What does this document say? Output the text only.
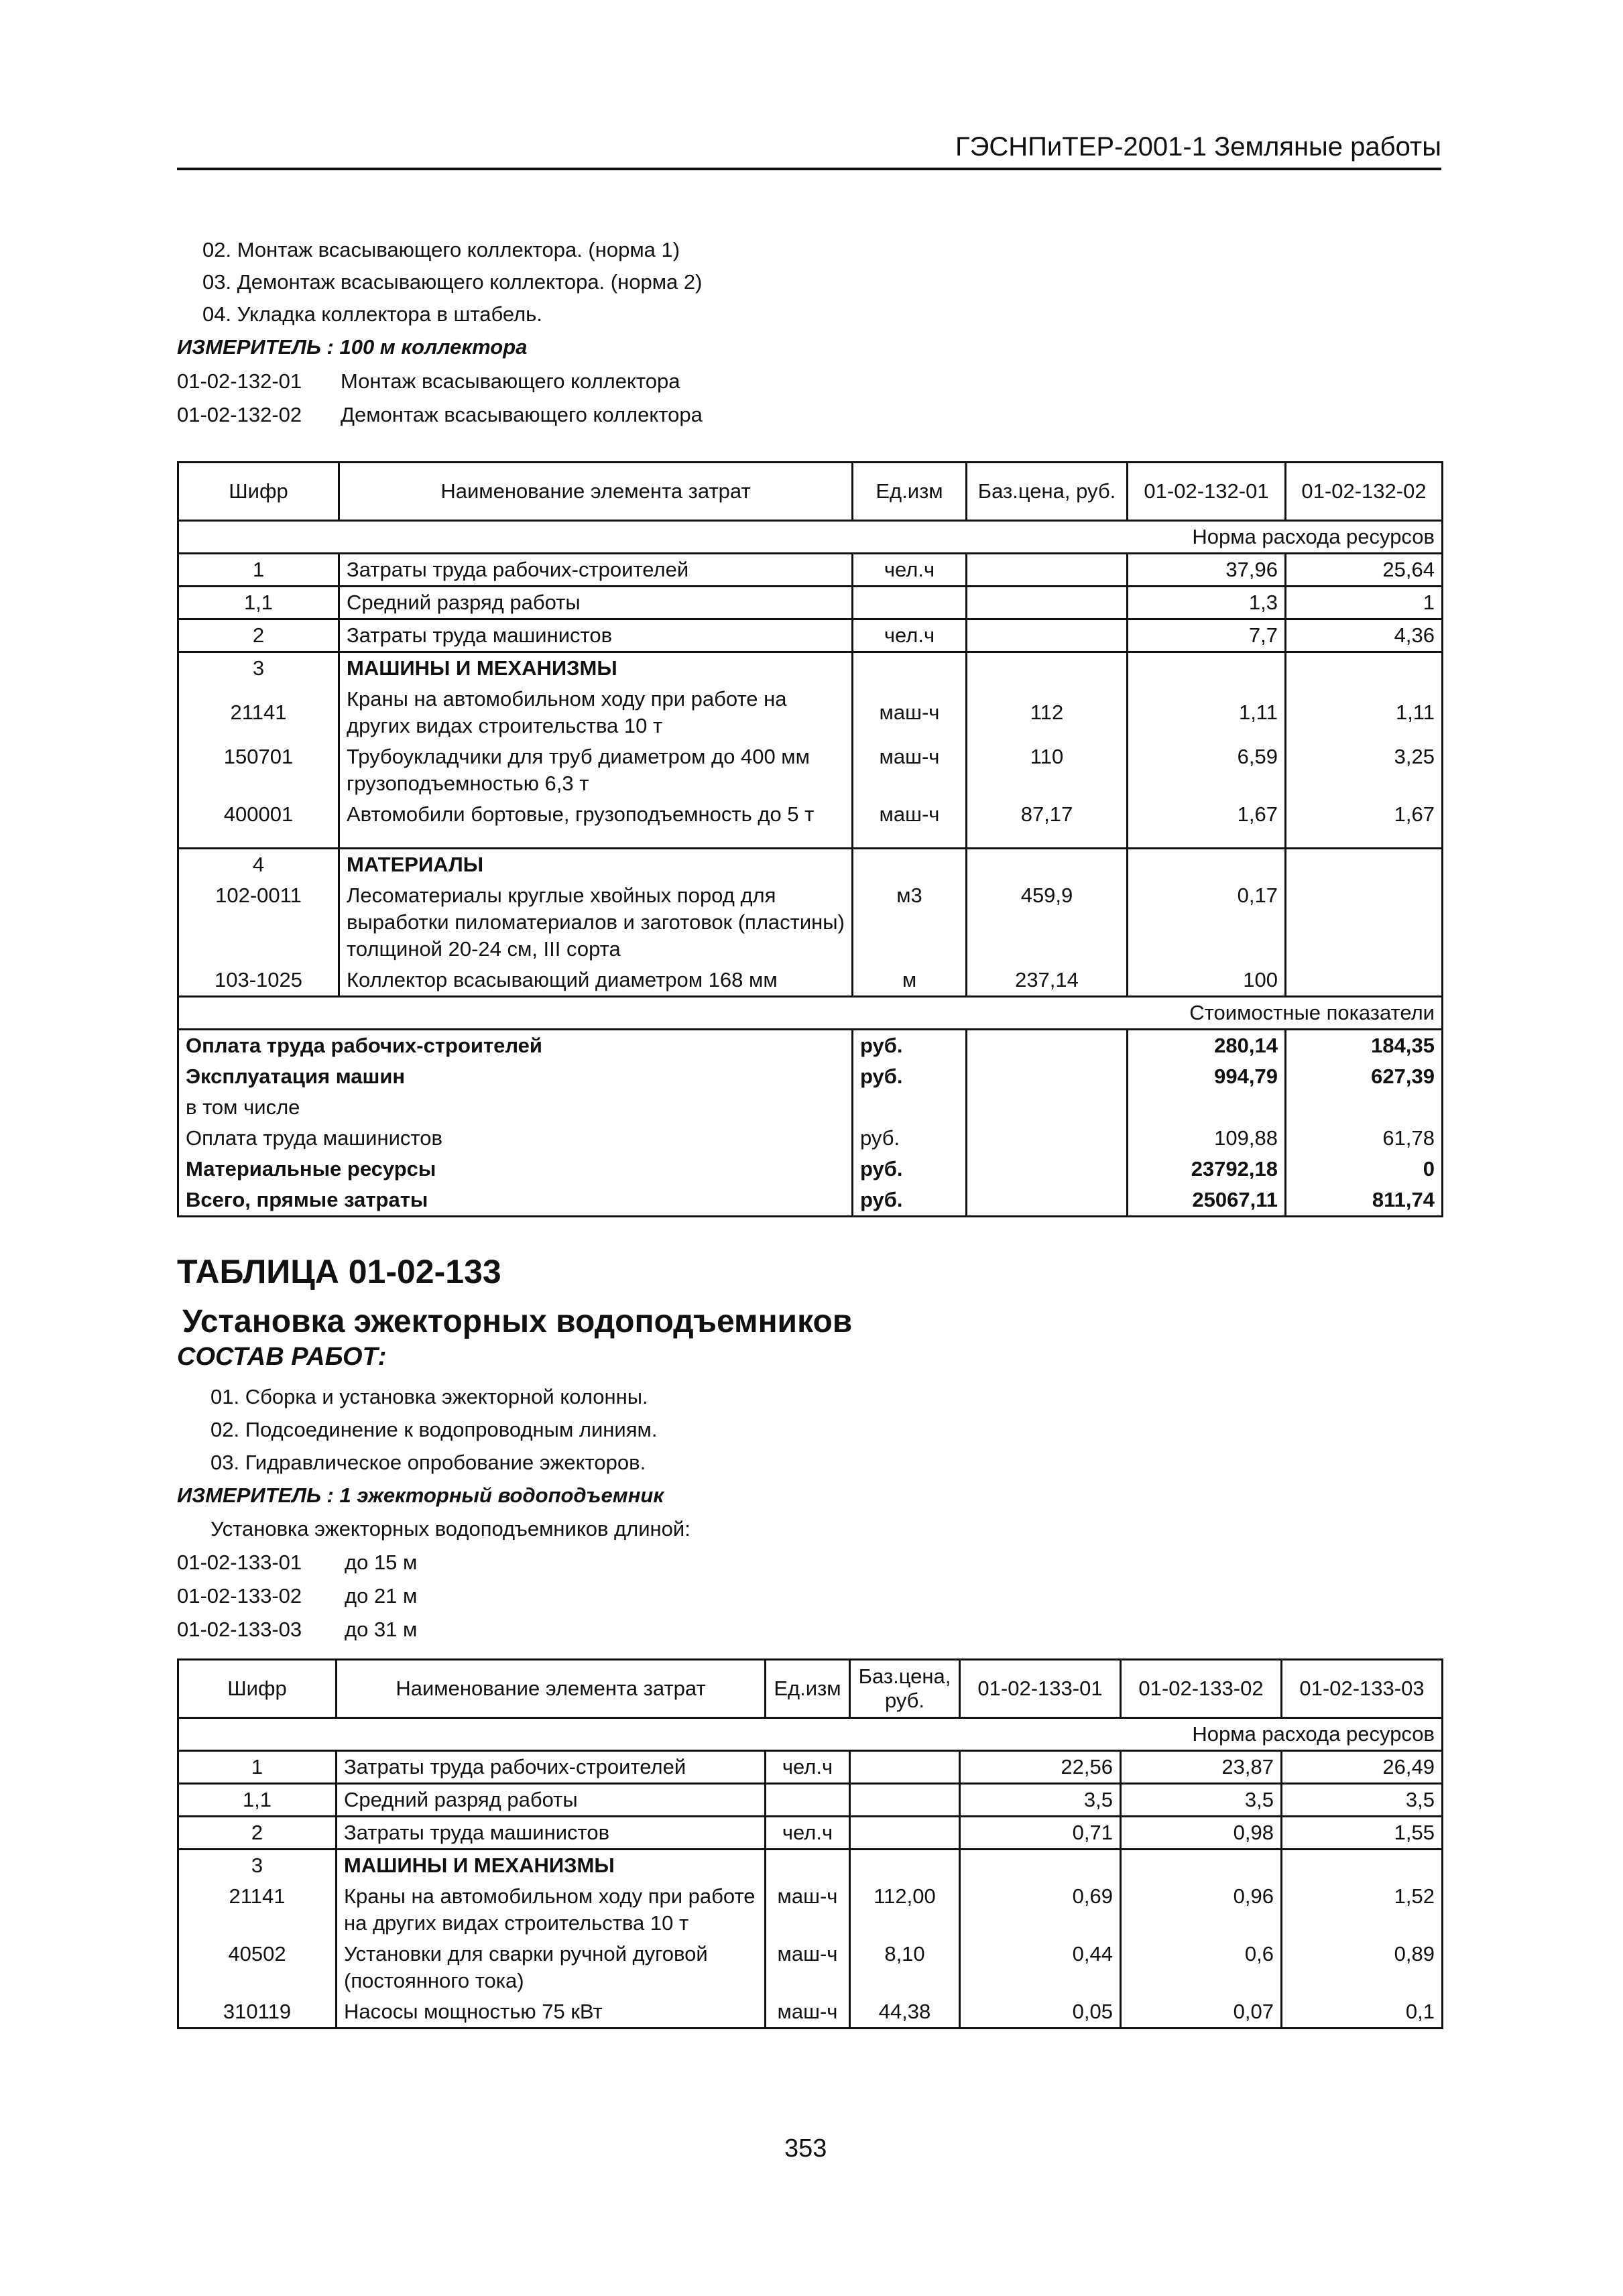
ГЭСНПиТЕР-2001-1 Земляные работы
02. Монтаж всасывающего коллектора. (норма 1)
03. Демонтаж всасывающего коллектора. (норма 2)
04. Укладка коллектора в штабель.
ИЗМЕРИТЕЛЬ : 100 м коллектора
01-02-132-01 Монтаж всасывающего коллектора
01-02-132-02 Демонтаж всасывающего коллектора
Шифр	Наименование элемента затрат	Ед.изм	Баз.цена, руб.	01-02-132-01	01-02-132-02
Норма расхода ресурсов					
1	Затраты труда рабочих-строителей	чел.ч		37,96	25,64
1,1	Средний разряд работы			1,3	1
2	Затраты труда машинистов	чел.ч		7,7	4,36
3	МАШИНЫ И МЕХАНИЗМЫ				
21141	Краны на автомобильном ходу при работе на других видах строительства 10 т	маш-ч	112	1,11	1,11
150701	Трубоукладчики для труб диаметром до 400 мм грузоподъемностью 6,3 т	маш-ч	110	6,59	3,25
400001	Автомобили бортовые, грузоподъемность до 5 т	маш-ч	87,17	1,67	1,67
4	МАТЕРИАЛЫ				
102-0011	Лесоматериалы круглые хвойных пород для выработки пиломатериалов и заготовок (пластины) толщиной 20-24 см, III сорта	м3	459,9	0,17	
103-1025	Коллектор всасывающий диаметром 168 мм	м	237,14	100	
Стоимостные показатели					
Оплата труда рабочих-строителей		руб.		280,14	184,35
Эксплуатация машин		руб.		994,79	627,39
в том числе					
Оплата труда машинистов		руб.		109,88	61,78
Материальные ресурсы		руб.		23792,18	0
Всего, прямые затраты		руб.		25067,11	811,74
ТАБЛИЦА 01-02-133
Установка эжекторных водоподъемников
СОСТАВ РАБОТ:
01. Сборка и установка эжекторной колонны.
02. Подсоединение к водопроводным линиям.
03. Гидравлическое опробование эжекторов.
ИЗМЕРИТЕЛЬ : 1 эжекторный водоподъемник
Установка эжекторных водоподъемников длиной:
01-02-133-01 до 15 м
01-02-133-02 до 21 м
01-02-133-03 до 31 м
Шифр	Наименование элемента затрат	Ед.изм	Баз.цена, руб.	01-02-133-01	01-02-133-02	01-02-133-03
Норма расхода ресурсов						
1	Затраты труда рабочих-строителей	чел.ч		22,56	23,87	26,49
1,1	Средний разряд работы			3,5	3,5	3,5
2	Затраты труда машинистов	чел.ч		0,71	0,98	1,55
3	МАШИНЫ И МЕХАНИЗМЫ					
21141	Краны на автомобильном ходу при работе на других видах строительства 10 т	маш-ч	112,00	0,69	0,96	1,52
40502	Установки для сварки ручной дуговой (постоянного тока)	маш-ч	8,10	0,44	0,6	0,89
310119	Насосы мощностью 75 кВт	маш-ч	44,38	0,05	0,07	0,1
353
